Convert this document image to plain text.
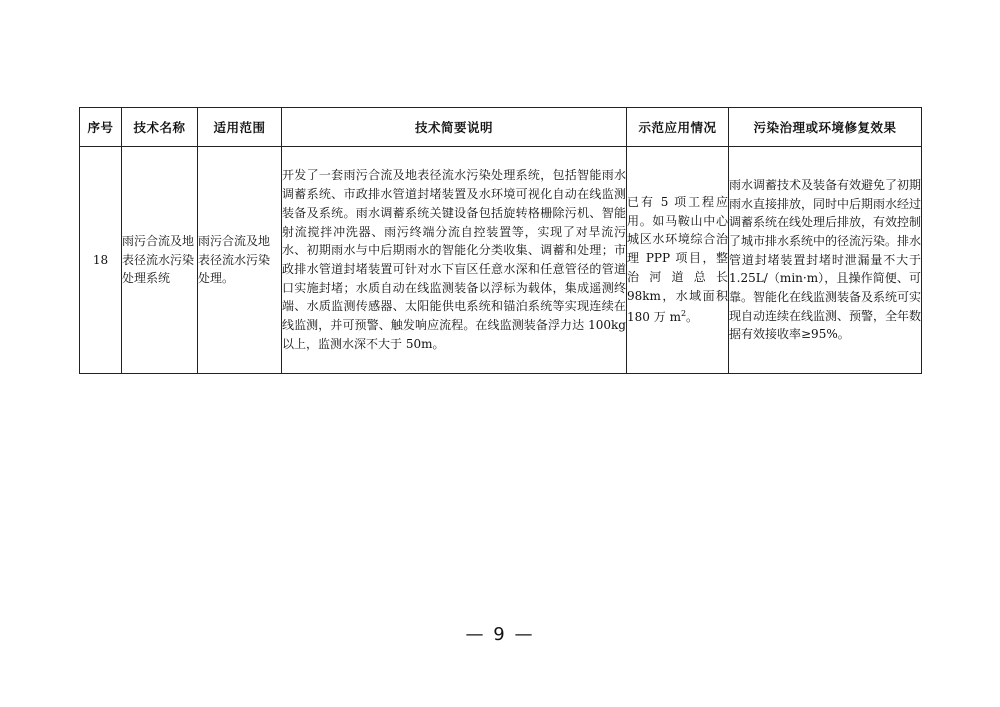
序号	技术名称	适用范围	技术简要说明	示范应用情况	污染治理或环境修复效果
18	雨污合流及地表径流水污染处理系统	雨污合流及地表径流水污染处理。	开发了一套雨污合流及地表径流水污染处理系统，包括智能雨水调蓄系统、市政排水管道封堵装置及水环境可视化自动在线监测装备及系统。雨水调蓄系统关键设备包括旋转格栅除污机、智能射流搅拌冲洗器、雨污终端分流自控装置等，实现了对旱流污水、初期雨水与中后期雨水的智能化分类收集、调蓄和处理；市政排水管道封堵装置可针对水下盲区任意水深和任意管径的管道口实施封堵；水质自动在线监测装备以浮标为载体，集成遥测终端、水质监测传感器、太阳能供电系统和锚泊系统等实现连续在线监测，并可预警、触发响应流程。在线监测装备浮力达 100kg 以上，监测水深不大于 50m。	已有 5 项工程应用。如马鞍山中心城区水环境综合治理 PPP 项目，整治河道总长 98km，水域面积 180 万 $m^2$。	雨水调蓄技术及装备有效避免了初期雨水直接排放，同时中后期雨水经过调蓄系统在线处理后排放，有效控制了城市排水系统中的径流污染。排水管道封堵装置封堵时泄漏量不大于 1.25L/（min·m），且操作简便、可靠。智能化在线监测装备及系统可实现自动连续在线监测、预警，全年数据有效接收率≥95%。
— 9 —
